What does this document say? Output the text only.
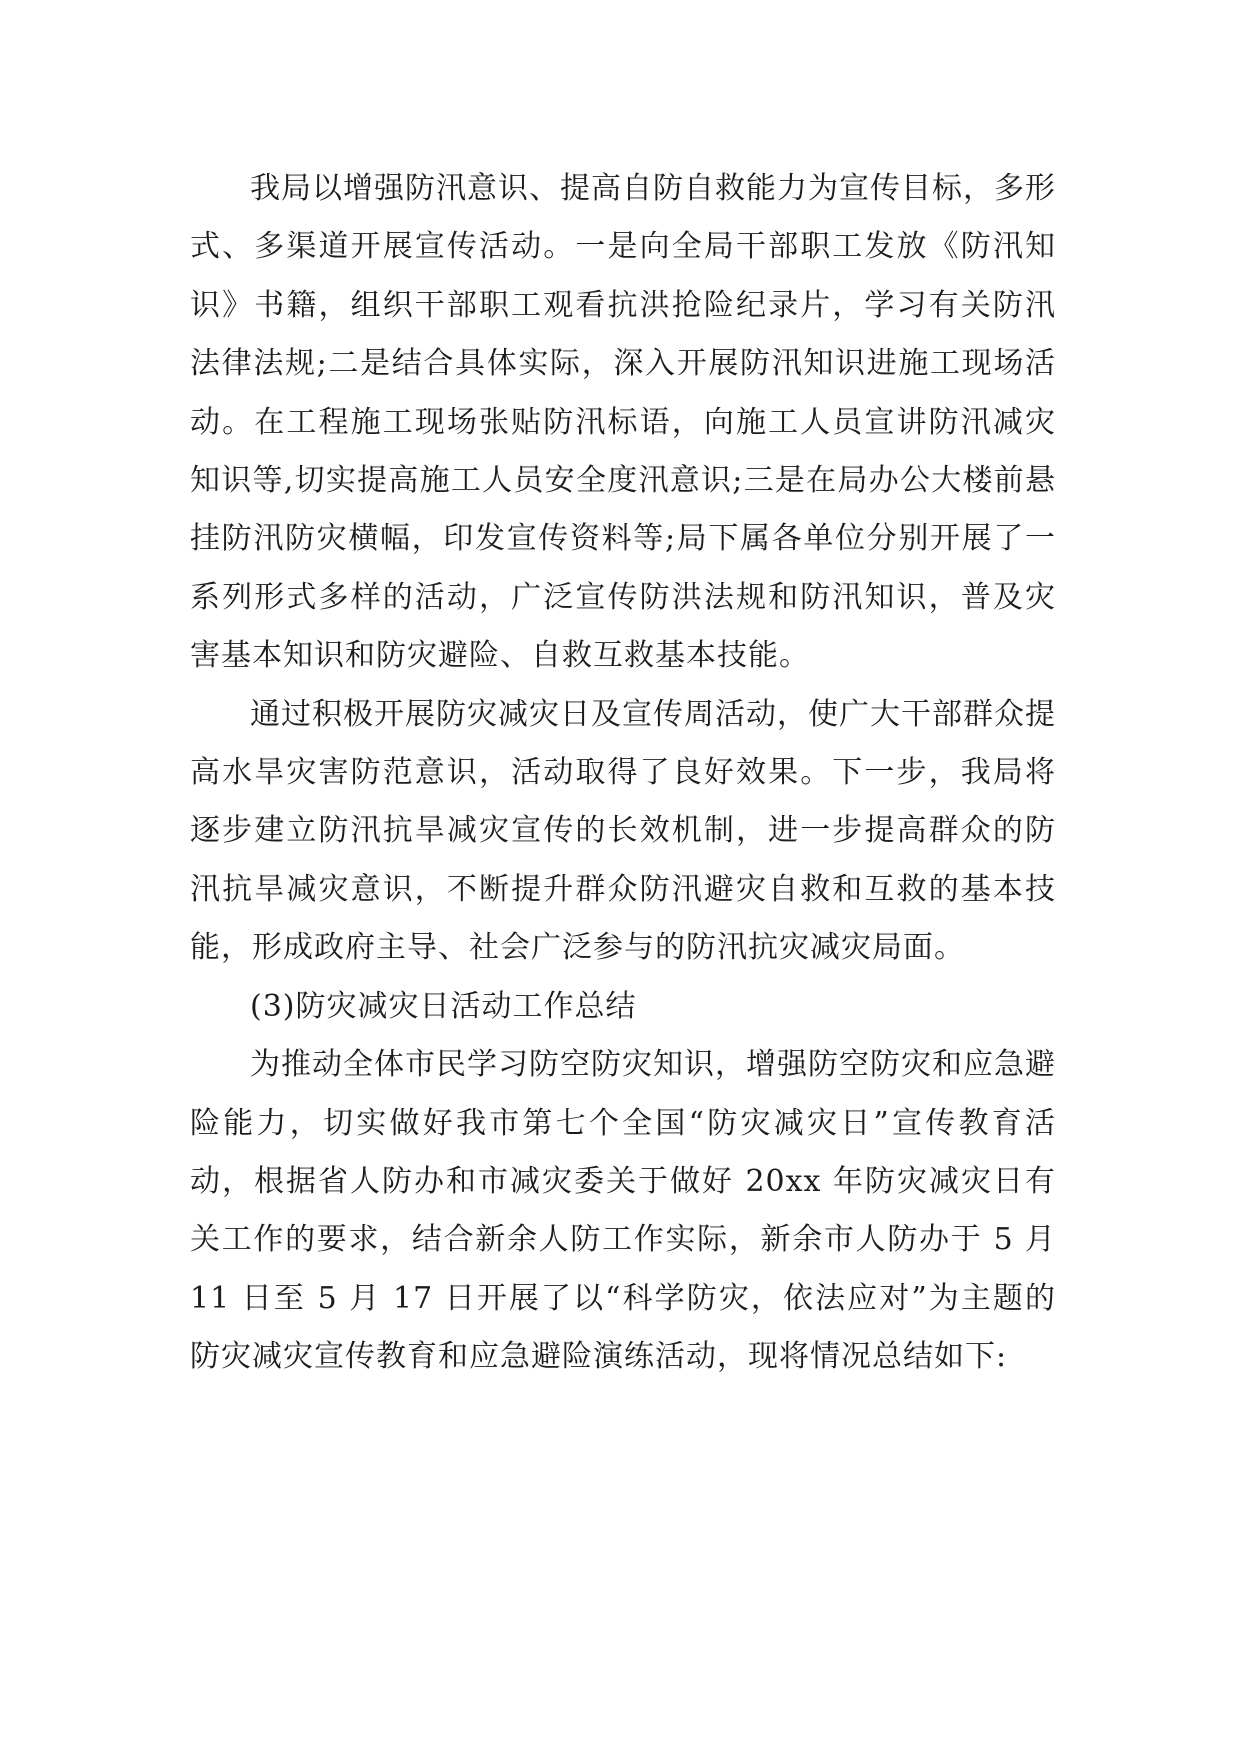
我局以增强防汛意识、提高自防自救能力为宣传目标，多形式、多渠道开展宣传活动。一是向全局干部职工发放《防汛知识》书籍，组织干部职工观看抗洪抢险纪录片，学习有关防汛法律法规;二是结合具体实际，深入开展防汛知识进施工现场活动。在工程施工现场张贴防汛标语，向施工人员宣讲防汛减灾知识等,切实提高施工人员安全度汛意识;三是在局办公大楼前悬挂防汛防灾横幅，印发宣传资料等;局下属各单位分别开展了一系列形式多样的活动，广泛宣传防洪法规和防汛知识，普及灾害基本知识和防灾避险、自救互救基本技能。

通过积极开展防灾减灾日及宣传周活动，使广大干部群众提高水旱灾害防范意识，活动取得了良好效果。下一步，我局将逐步建立防汛抗旱减灾宣传的长效机制，进一步提高群众的防汛抗旱减灾意识，不断提升群众防汛避灾自救和互救的基本技能，形成政府主导、社会广泛参与的防汛抗灾减灾局面。

(3)防灾减灾日活动工作总结

为推动全体市民学习防空防灾知识，增强防空防灾和应急避险能力，切实做好我市第七个全国“防灾减灾日”宣传教育活动，根据省人防办和市减灾委关于做好 20xx 年防灾减灾日有关工作的要求，结合新余人防工作实际，新余市人防办于 5 月 11 日至 5 月 17 日开展了以“科学防灾，依法应对”为主题的防灾减灾宣传教育和应急避险演练活动，现将情况总结如下:
